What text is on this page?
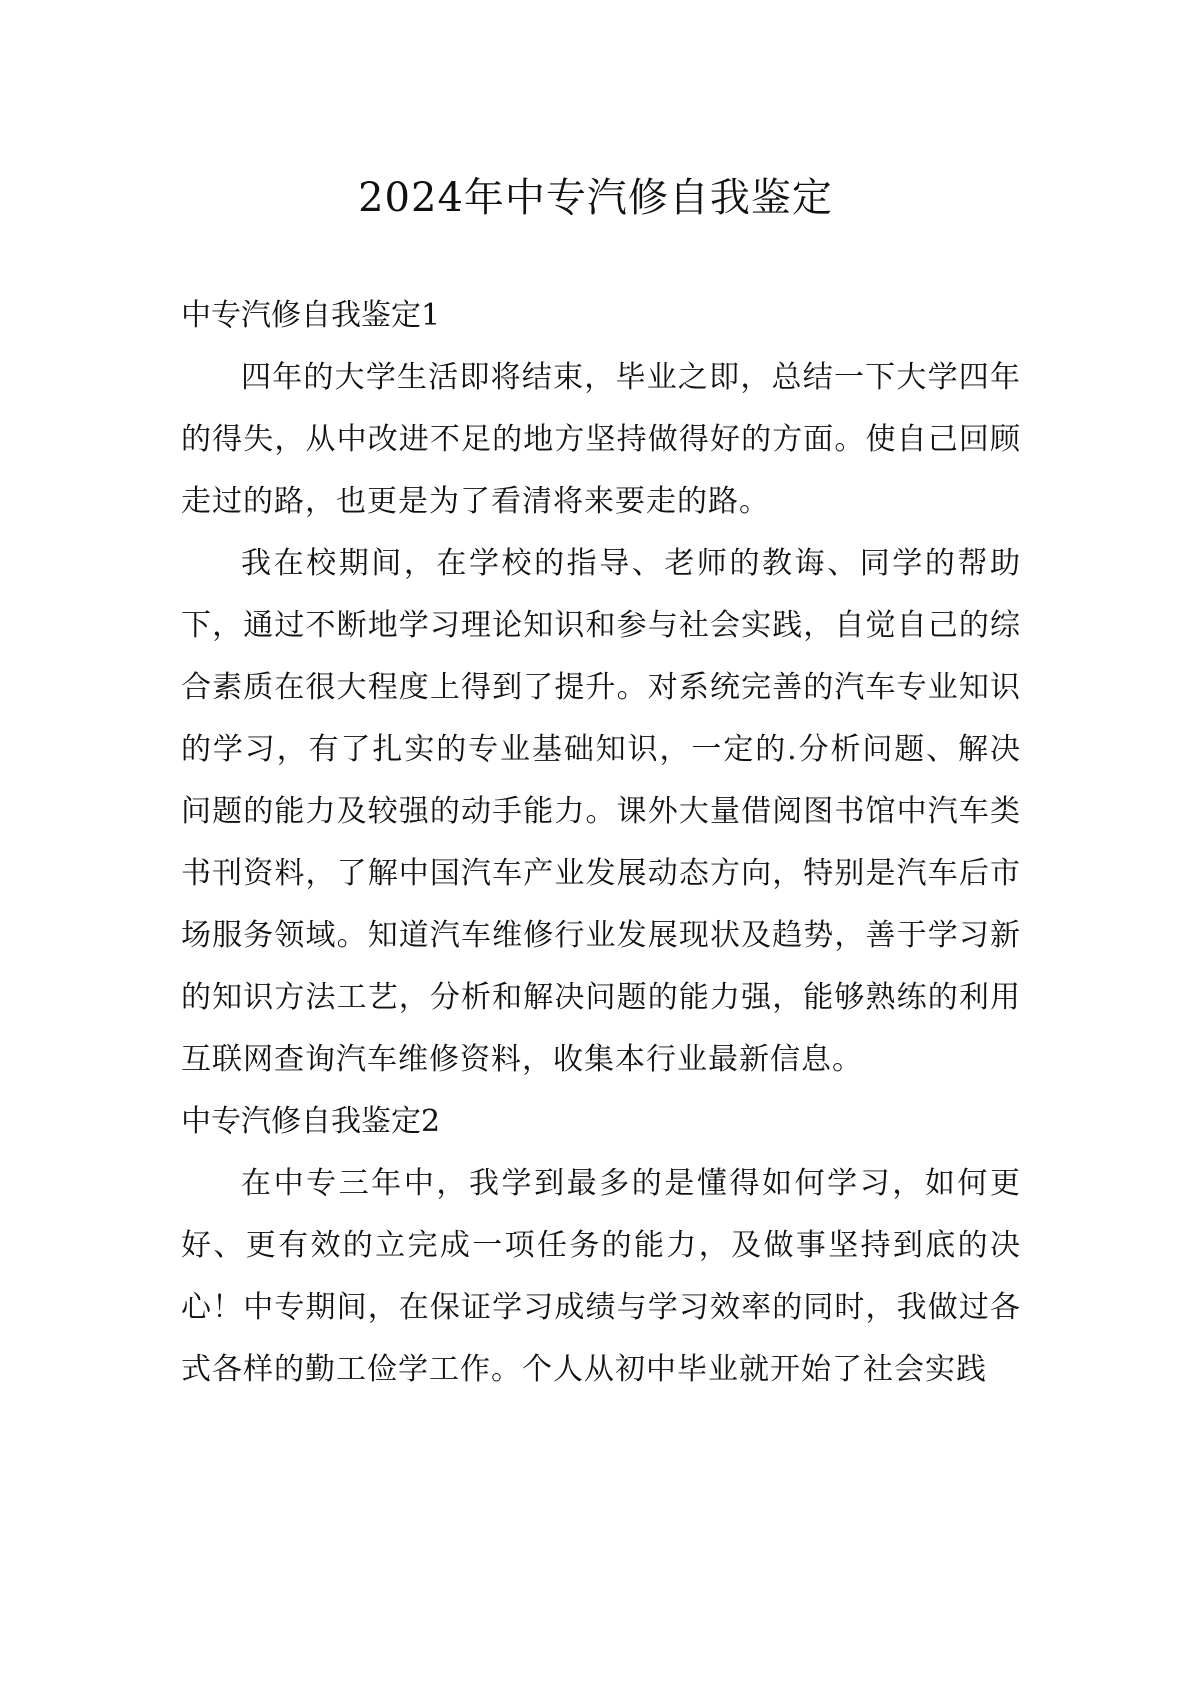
2024年中专汽修自我鉴定
中专汽修自我鉴定1

四年的大学生活即将结束，毕业之即，总结一下大学四年的得失，从中改进不足的地方坚持做得好的方面。使自己回顾走过的路，也更是为了看清将来要走的路。

我在校期间，在学校的指导、老师的教诲、同学的帮助下，通过不断地学习理论知识和参与社会实践，自觉自己的综合素质在很大程度上得到了提升。对系统完善的汽车专业知识的学习，有了扎实的专业基础知识，一定的.分析问题、解决问题的能力及较强的动手能力。课外大量借阅图书馆中汽车类书刊资料，了解中国汽车产业发展动态方向，特别是汽车后市场服务领域。知道汽车维修行业发展现状及趋势，善于学习新的知识方法工艺，分析和解决问题的能力强，能够熟练的利用互联网查询汽车维修资料，收集本行业最新信息。

中专汽修自我鉴定2

在中专三年中，我学到最多的是懂得如何学习，如何更好、更有效的立完成一项任务的能力，及做事坚持到底的决心！中专期间，在保证学习成绩与学习效率的同时，我做过各式各样的勤工俭学工作。个人从初中毕业就开始了社会实践
